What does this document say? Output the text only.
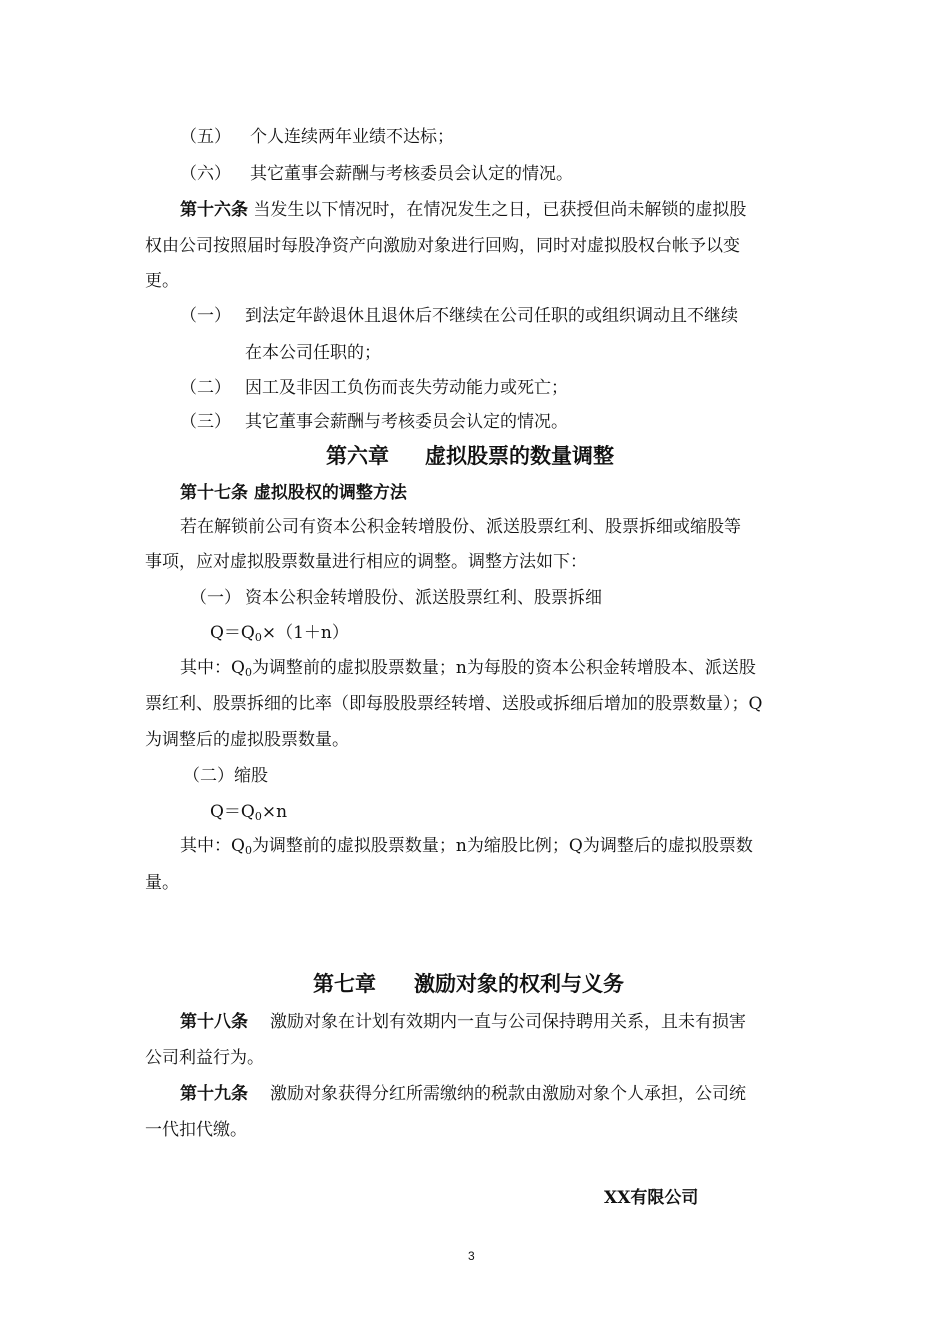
（五） 个人连续两年业绩不达标；
（六） 其它董事会薪酬与考核委员会认定的情况。
第十六条 当发生以下情况时，在情况发生之日，已获授但尚未解锁的虚拟股
权由公司按照届时每股净资产向激励对象进行回购，同时对虚拟股权台帐予以变
更。
（一） 到法定年龄退休且退休后不继续在公司任职的或组织调动且不继续
在本公司任职的；
（二） 因工及非因工负伤而丧失劳动能力或死亡；
（三） 其它董事会薪酬与考核委员会认定的情况。
第六章 虚拟股票的数量调整
第十七条 虚拟股权的调整方法
若在解锁前公司有资本公积金转增股份、派送股票红利、股票拆细或缩股等
事项，应对虚拟股票数量进行相应的调整。调整方法如下：
（一） 资本公积金转增股份、派送股票红利、股票拆细
$Q=Q_0\times(1+n)$
其中：$Q_0$为调整前的虚拟股票数量；n为每股的资本公积金转增股本、派送股
票红利、股票拆细的比率（即每股股票经转增、送股或拆细后增加的股票数量）；Q
为调整后的虚拟股票数量。
（二）缩股
$Q=Q_0\times n$
其中：$Q_0$为调整前的虚拟股票数量；n为缩股比例；Q为调整后的虚拟股票数
量。
第七章 激励对象的权利与义务
第十八条 激励对象在计划有效期内一直与公司保持聘用关系，且未有损害
公司利益行为。
第十九条 激励对象获得分红所需缴纳的税款由激励对象个人承担，公司统
一代扣代缴。
XX有限公司
3
